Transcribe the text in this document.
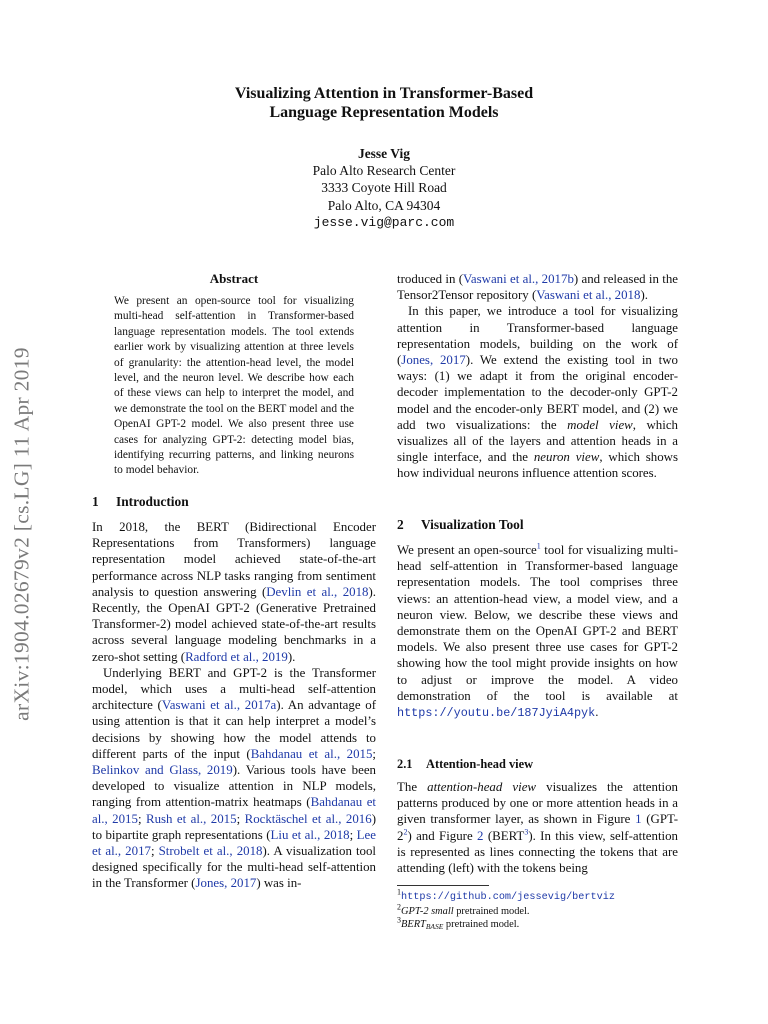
arXiv:1904.02679v2 [cs.LG] 11 Apr 2019
Visualizing Attention in Transformer-Based
Language Representation Models
Jesse Vig
Palo Alto Research Center
3333 Coyote Hill Road
Palo Alto, CA 94304
jesse.vig@parc.com
Abstract
We present an open-source tool for visualizing multi-head self-attention in Transformer-based language representation models. The tool extends earlier work by visualizing attention at three levels of granularity: the attention-head level, the model level, and the neuron level. We describe how each of these views can help to interpret the model, and we demonstrate the tool on the BERT model and the OpenAI GPT-2 model. We also present three use cases for analyzing GPT-2: detecting model bias, identifying recurring patterns, and linking neurons to model behavior.
1 Introduction

In 2018, the BERT (Bidirectional Encoder Representations from Transformers) language representation model achieved state-of-the-art performance across NLP tasks ranging from sentiment analysis to question answering (Devlin et al., 2018). Recently, the OpenAI GPT-2 (Generative Pretrained Transformer-2) model achieved state-of-the-art results across several language modeling benchmarks in a zero-shot setting (Radford et al., 2019).

Underlying BERT and GPT-2 is the Transformer model, which uses a multi-head self-attention architecture (Vaswani et al., 2017a). An advantage of using attention is that it can help interpret a model’s decisions by showing how the model attends to different parts of the input (Bahdanau et al., 2015; Belinkov and Glass, 2019). Various tools have been developed to visualize attention in NLP models, ranging from attention-matrix heatmaps (Bahdanau et al., 2015; Rush et al., 2015; Rocktäschel et al., 2016) to bipartite graph representations (Liu et al., 2018; Lee et al., 2017; Strobelt et al., 2018). A visualization tool designed specifically for the multi-head self-attention in the Transformer (Jones, 2017) was in-

troduced in (Vaswani et al., 2017b) and released in the Tensor2Tensor repository (Vaswani et al., 2018).

In this paper, we introduce a tool for visualizing attention in Transformer-based language representation models, building on the work of (Jones, 2017). We extend the existing tool in two ways: (1) we adapt it from the original encoder-decoder implementation to the decoder-only GPT-2 model and the encoder-only BERT model, and (2) we add two visualizations: the model view, which visualizes all of the layers and attention heads in a single interface, and the neuron view, which shows how individual neurons influence attention scores.

2 Visualization Tool

We present an open-source$^1$ tool for visualizing multi-head self-attention in Transformer-based language representation models. The tool comprises three views: an attention-head view, a model view, and a neuron view. Below, we describe these views and demonstrate them on the OpenAI GPT-2 and BERT models. We also present three use cases for GPT-2 showing how the tool might provide insights on how to adjust or improve the model. A video demonstration of the tool is available at https://youtu.be/187JyiA4pyk.

2.1 Attention-head view

The attention-head view visualizes the attention patterns produced by one or more attention heads in a given transformer layer, as shown in Figure 1 $(GPT-2^2)$ and Figure 2 (BERT$^3$). In this view, self-attention is represented as lines connecting the tokens that are attending (left) with the tokens being

$^1$https://github.com/jessevig/bertviz
$^2$GPT-2 small pretrained model.
$^3BERT_{BASE}$ pretrained model.
